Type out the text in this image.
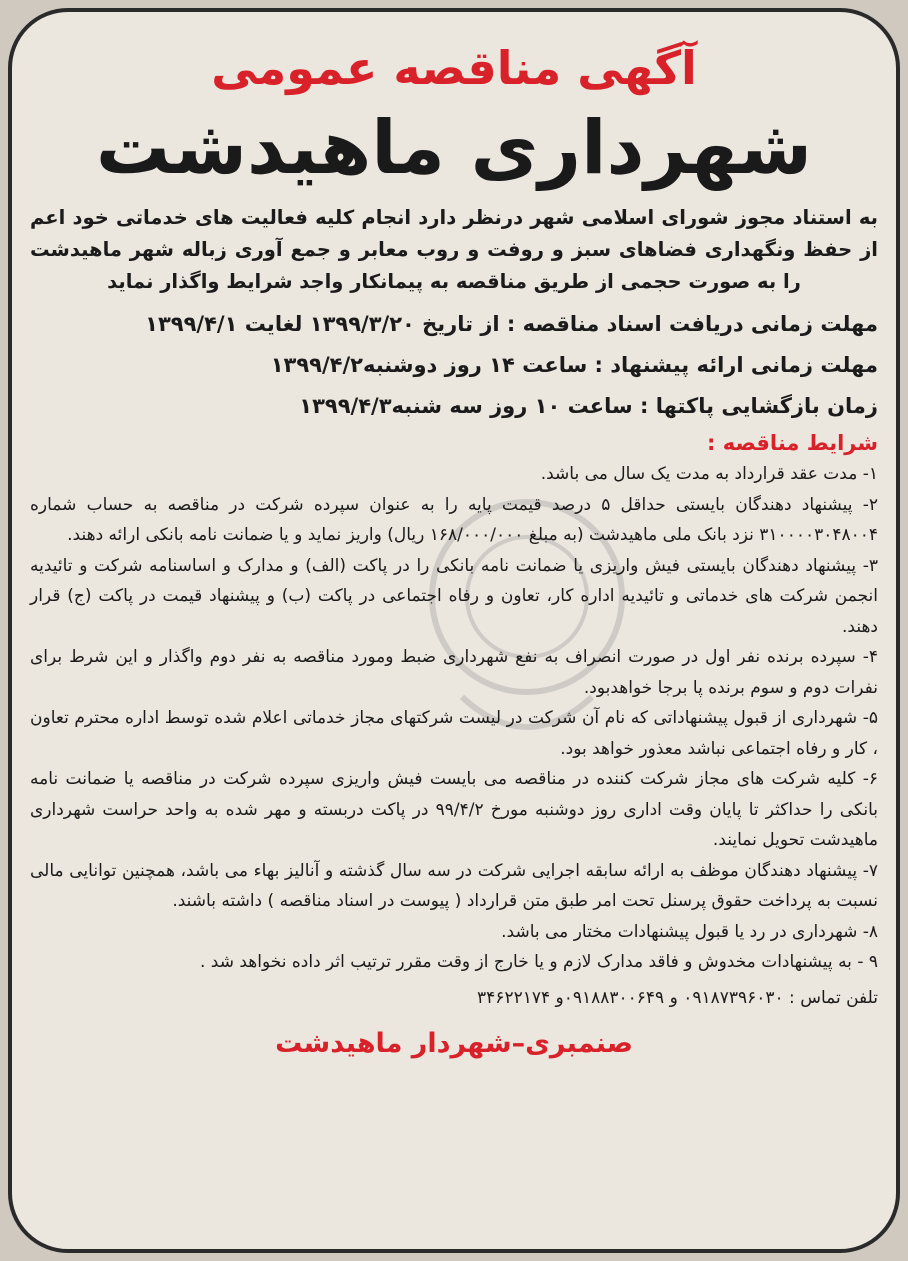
آگهی مناقصه عمومی
شهرداری ماهیدشت

به استناد مجوز شورای اسلامی شهر درنظر دارد انجام کلیه فعالیت های خدماتی خود اعم از حفظ ونگهداری فضاهای سبز و روفت و روب معابر و جمع آوری زباله شهر ماهیدشت را به صورت حجمی از طریق مناقصه به پیمانکار واجد شرایط واگذار نماید

مهلت زمانی دریافت اسناد مناقصه : از تاریخ ۱۳۹۹/۳/۲۰ لغایت ۱۳۹۹/۴/۱

مهلت زمانی ارائه پیشنهاد : ساعت ۱۴ روز دوشنبه۱۳۹۹/۴/۲

زمان بازگشایی پاکتها : ساعت ۱۰ روز سه شنبه۱۳۹۹/۴/۳

شرایط مناقصه :

۱- مدت عقد قرارداد به مدت یک سال می باشد.

۲- پیشنهاد دهندگان بایستی حداقل ۵ درصد قیمت پایه را به عنوان سپرده شرکت در مناقصه به حساب شماره ۳۱۰۰۰۰۳۰۴۸۰۰۴ نزد بانک ملی ماهیدشت (به مبلغ ۱۶۸/۰۰۰/۰۰۰ ریال) واریز نماید و یا ضمانت نامه بانکی ارائه دهند.

۳- پیشنهاد دهندگان بایستی فیش واریزی یا ضمانت نامه بانکی را در پاکت (الف) و مدارک و اساسنامه شرکت و تائیدیه انجمن شرکت های خدماتی و تائیدیه اداره کار، تعاون و رفاه اجتماعی در پاکت (ب) و پیشنهاد قیمت در پاکت (ج) قرار دهند.

۴- سپرده برنده نفر اول در صورت انصراف به نفع شهرداری ضبط ومورد مناقصه به نفر دوم واگذار و این شرط برای نفرات دوم و سوم برنده پا برجا خواهدبود.

۵- شهرداری از قبول پیشنهاداتی که نام آن شرکت در لیست شرکتهای مجاز خدماتی اعلام شده توسط اداره محترم تعاون ، کار و رفاه اجتماعی نباشد معذور خواهد بود.

۶- کلیه شرکت های مجاز شرکت کننده در مناقصه می بایست فیش واریزی سپرده شرکت در مناقصه یا ضمانت نامه بانکی را حداکثر تا پایان وقت اداری روز دوشنبه مورخ ۹۹/۴/۲ در پاکت دربسته و مهر شده به واحد حراست شهرداری ماهیدشت تحویل نمایند.

۷- پیشنهاد دهندگان موظف به ارائه سابقه اجرایی شرکت در سه سال گذشته و آنالیز بهاء می باشد، همچنین توانایی مالی نسبت به پرداخت حقوق پرسنل تحت امر طبق متن قرارداد ( پیوست در اسناد مناقصه ) داشته باشند.

۸- شهرداری در رد یا قبول پیشنهادات مختار می باشد.

۹ - به پیشنهادات مخدوش و فاقد مدارک لازم و یا خارج از وقت مقرر ترتیب اثر داده نخواهد شد .

تلفن تماس : ۰۹۱۸۷۳۹۶۰۳۰ و ۰۹۱۸۸۳۰۰۶۴۹و ۳۴۶۲۲۱۷۴

صنمبری–شهردار ماهیدشت
